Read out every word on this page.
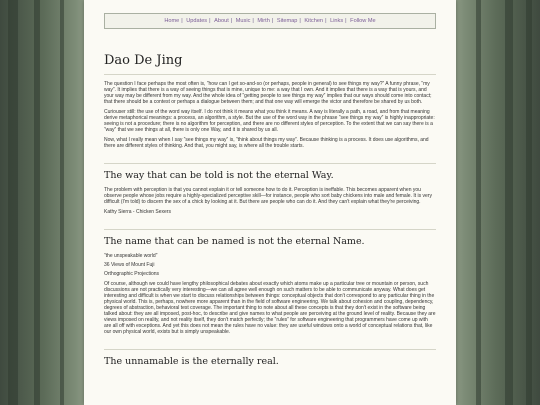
Home | Updates | About | Music | Mirth | Sitemap | Kitchen | Links | Follow Me
Dao De Jing

The question I face perhaps the most often is, “how can I get so-and-so (or perhaps, people in general) to see things my way?” A funny phrase, “my way”. It implies that there is a way of seeing things that is mine, unique to me: a way that I own. And it implies that there is a way that is yours, and your way may be different from my way. And the whole idea of “getting people to see things my way” implies that our ways should come into contact; that there should be a contest or perhaps a dialogue between them; and that one way will emerge the victor and therefore be shared by us both.

Curiouser still: the use of the word way itself. I do not think it means what you think it means. A way is literally a path, a road, and from that meaning derive metaphorical meanings: a process, an algorithm, a style. But the use of the word way in the phrase “see things my way” is highly inappropriate: seeing is not a procedure; there is no algorithm for perception, and there are no different styles of perception. To the extent that we can say there is a “way” that we see things at all, there is only one Way, and it is shared by us all.

Now, what I really mean when I say “see things my way” is, “think about things my way”. Because thinking is a process. It does use algorithms, and there are different styles of thinking. And that, you might say, is where all the trouble starts.

The way that can be told is not the eternal Way.

The problem with perception is that you cannot explain it or tell someone how to do it. Perception is ineffable. This becomes apparent when you observe people whose jobs require a highly-specialized perceptive skill—for instance, people who sort baby chickens into male and female. It is very difficult (I'm told) to discern the sex of a chick by looking at it. But there are people who can do it. And they can't explain what they're perceiving.

Kathy Sierra - Chicken Sexers

The name that can be named is not the eternal Name.

“the unspeakable world”

36 Views of Mount Fuji

Orthographic Projections

Of course, although we could have lengthy philosophical debates about exactly which atoms make up a particular tree or mountain or person, such discussions are not practically very interesting—we can all agree well enough on such matters to be able to communicate anyway. What does get interesting and difficult is when we start to discuss relationships between things: conceptual objects that don't correspond to any particular thing in the physical world. This is, perhaps, nowhere more apparent than in the field of software engineering. We talk about cohesion and coupling, dependency, degrees of abstraction, behavioral test coverage. The important thing to note about all these concepts is that they don't exist in the software being talked about: they are all imposed, post-hoc, to describe and give names to what people are perceiving at the ground level of reality. Because they are views imposed on reality, and not reality itself, they don't match perfectly; the “rules” for software engineering that programmers have come up with are all off with exceptions. And yet this does not mean the rules have no value: they are useful windows onto a world of conceptual relations that, like our own physical world, exists but is simply unspeakable.

The unnamable is the eternally real.
